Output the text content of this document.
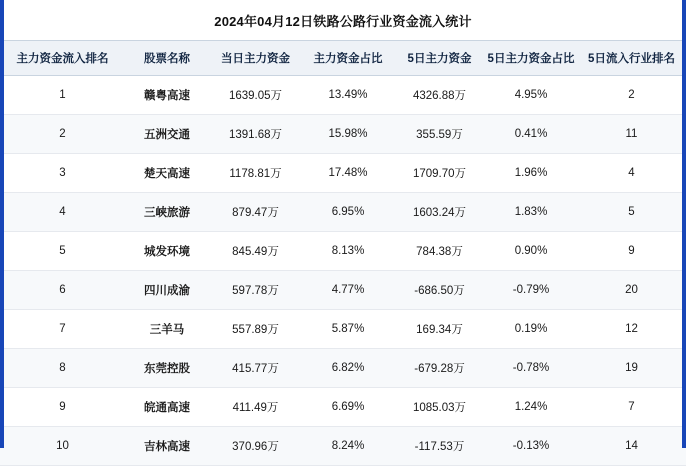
2024年04月12日铁路公路行业资金流入统计
主力资金流入排名	股票名称	当日主力资金	主力资金占比	5日主力资金	5日主力资金占比	5日流入行业排名
1	赣粤高速	1639.05万	13.49%	4326.88万	4.95%	2
2	五洲交通	1391.68万	15.98%	355.59万	0.41%	11
3	楚天高速	1178.81万	17.48%	1709.70万	1.96%	4
4	三峡旅游	879.47万	6.95%	1603.24万	1.83%	5
5	城发环境	845.49万	8.13%	784.38万	0.90%	9
6	四川成渝	597.78万	4.77%	-686.50万	-0.79%	20
7	三羊马	557.89万	5.87%	169.34万	0.19%	12
8	东莞控股	415.77万	6.82%	-679.28万	-0.78%	19
9	皖通高速	411.49万	6.69%	1085.03万	1.24%	7
10	吉林高速	370.96万	8.24%	-117.53万	-0.13%	14
